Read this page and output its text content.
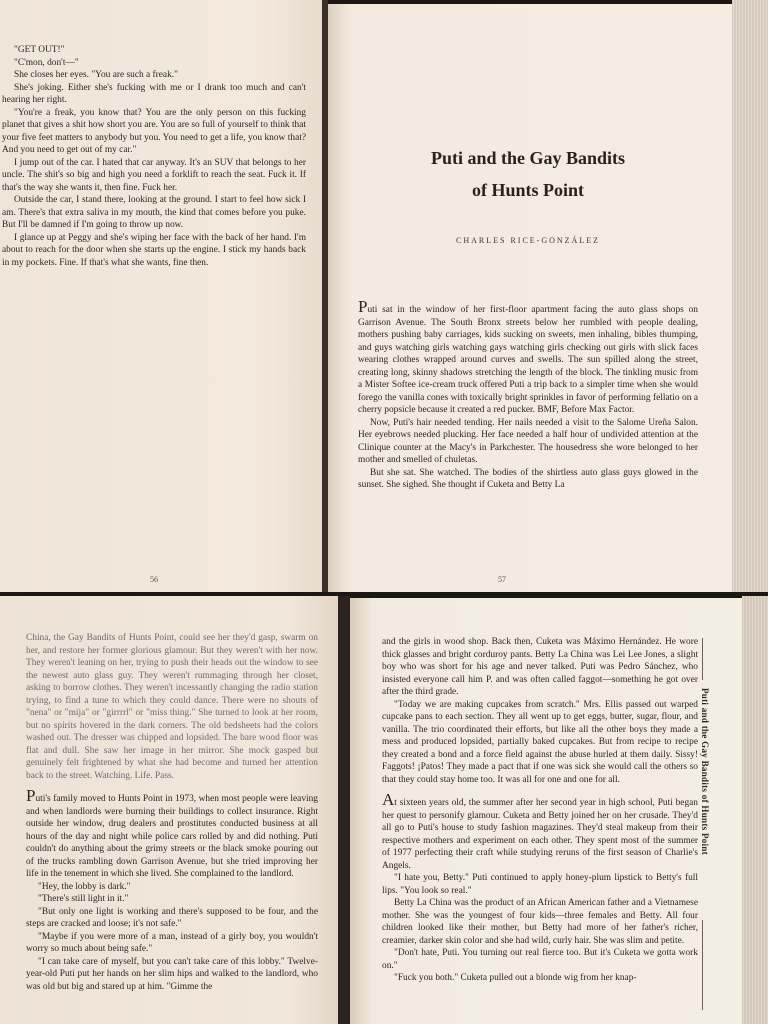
"GET OUT!"

"C'mon, don't—"

She closes her eyes. "You are such a freak."

She's joking. Either she's fucking with me or I drank too much and can't hearing her right.

"You're a freak, you know that? You are the only person on this fucking planet that gives a shit how short you are. You are so full of yourself to think that your five feet matters to anybody but you. You need to get a life, you know that? And you need to get out of my car."

I jump out of the car. I hated that car anyway. It's an SUV that belongs to her uncle. The shit's so big and high you need a forklift to reach the seat. Fuck it. If that's the way she wants it, then fine. Fuck her.

Outside the car, I stand there, looking at the ground. I start to feel how sick I am. There's that extra saliva in my mouth, the kind that comes before you puke. But I'll be damned if I'm going to throw up now.

I glance up at Peggy and she's wiping her face with the back of her hand. I'm about to reach for the door when she starts up the engine. I stick my hands back in my pockets. Fine. If that's what she wants, fine then.

56

Puti and the Gay Bandits

of Hunts Point

CHARLES RICE-GONZÁLEZ

Puti sat in the window of her first-floor apartment facing the auto glass shops on Garrison Avenue. The South Bronx streets below her rumbled with people dealing, mothers pushing baby carriages, kids sucking on sweets, men inhaling, bibles thumping, and guys watching girls watching gays watching girls checking out girls with slick faces wearing clothes wrapped around curves and swells. The sun spilled along the street, creating long, skinny shadows stretching the length of the block. The tinkling music from a Mister Softee ice-cream truck offered Puti a trip back to a simpler time when she would forego the vanilla cones with toxically bright sprinkles in favor of performing fellatio on a cherry popsicle because it created a red pucker. BMF, Before Max Factor.

Now, Puti's hair needed tending. Her nails needed a visit to the Salome Ureña Salon. Her eyebrows needed plucking. Her face needed a half hour of undivided attention at the Clinique counter at the Macy's in Parkchester. The housedress she wore belonged to her mother and smelled of chuletas.

But she sat. She watched. The bodies of the shirtless auto glass guys glowed in the sunset. She sighed. She thought if Cuketa and Betty La

57

China, the Gay Bandits of Hunts Point, could see her they'd gasp, swarm on her, and restore her former glorious glamour. But they weren't with her now. They weren't leaning on her, trying to push their heads out the window to see the newest auto glass guy. They weren't rummaging through her closet, asking to borrow clothes. They weren't incessantly changing the radio station trying, to find a tune to which they could dance. There were no shouts of "nena" or "mija" or "girrrrl" or "miss thing." She turned to look at her room, but no spirits hovered in the dark corners. The old bedsheets had the colors washed out. The dresser was chipped and lopsided. The bare wood floor was flat and dull. She saw her image in her mirror. She mock gasped but genuinely felt frightened by what she had become and turned her attention back to the street. Watching. Life. Pass.

Puti's family moved to Hunts Point in 1973, when most people were leaving and when landlords were burning their buildings to collect insurance. Right outside her window, drug dealers and prostitutes conducted business at all hours of the day and night while police cars rolled by and did nothing. Puti couldn't do anything about the grimy streets or the black smoke pouring out of the trucks rambling down Garrison Avenue, but she tried improving her life in the tenement in which she lived. She complained to the landlord.

"Hey, the lobby is dark."

"There's still light in it."

"But only one light is working and there's supposed to be four, and the steps are cracked and loose; it's not safe."

"Maybe if you were more of a man, instead of a girly boy, you wouldn't worry so much about being safe."

"I can take care of myself, but you can't take care of this lobby." Twelve-year-old Puti put her hands on her slim hips and walked to the landlord, who was old but big and stared up at him. "Gimme the

and the girls in wood shop. Back then, Cuketa was Máximo Hernández. He wore thick glasses and bright corduroy pants. Betty La China was Lei Lee Jones, a slight boy who was short for his age and never talked. Puti was Pedro Sánchez, who insisted everyone call him P. and was often called faggot—something he got over after the third grade.

"Today we are making cupcakes from scratch." Mrs. Ellis passed out warped cupcake pans to each section. They all went up to get eggs, butter, sugar, flour, and vanilla. The trio coordinated their efforts, but like all the other boys they made a mess and produced lopsided, partially baked cupcakes. But from recipe to recipe they created a bond and a force field against the abuse hurled at them daily. Sissy! Faggots! ¡Patos! They made a pact that if one was sick she would call the others so that they could stay home too. It was all for one and one for all.

At sixteen years old, the summer after her second year in high school, Puti began her quest to personify glamour. Cuketa and Betty joined her on her crusade. They'd all go to Puti's house to study fashion magazines. They'd steal makeup from their respective mothers and experiment on each other. They spent most of the summer of 1977 perfecting their craft while studying reruns of the first season of Charlie's Angels.

"I hate you, Betty." Puti continued to apply honey-plum lipstick to Betty's full lips. "You look so real."

Betty La China was the product of an African American father and a Vietnamese mother. She was the youngest of four kids—three females and Betty. All four children looked like their mother, but Betty had more of her father's richer, creamier, darker skin color and she had wild, curly hair. She was slim and petite.

"Don't hate, Puti. You turning out real fierce too. But it's Cuketa we gotta work on."

"Fuck you both." Cuketa pulled out a blonde wig from her knap-

Puti and the Gay Bandits of Hunts Point
